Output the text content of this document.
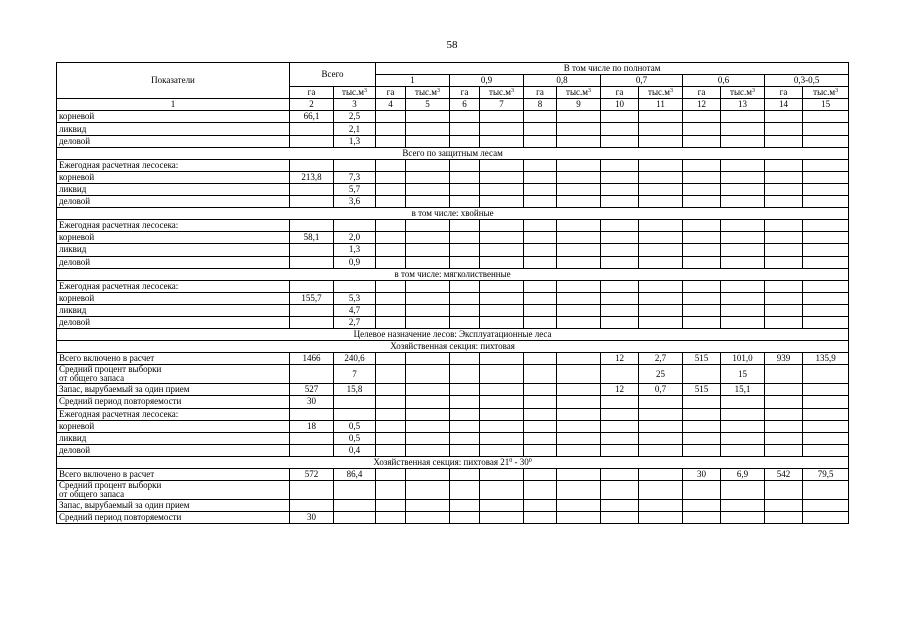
58
Показатели	Всего		В том числе по полнотам											
			1		0,9		0,8		0,7		0,6		0,3-0,5	
	га	$тыс.м^3$	га	$тыс.м^3$	га	$тыс.м^3$	га	$тыс.м^3$	га	$тыс.м^3$	га	$тыс.м^3$	га	$тыс.м^3$
1	2	3	4	5	6	7	8	9	10	11	12	13	14	15
корневой	66,1	2,5												
ликвид		2,1												
деловой		1,3												
Всего по защитным лесам														
Ежегодная расчетная лесосека:														
корневой	213,8	7,3												
ликвид		5,7												
деловой		3,6												
в том числе: хвойные														
Ежегодная расчетная лесосека:														
корневой	58,1	2,0												
ликвид		1,3												
деловой		0,9												
в том числе: мягколиственные														
Ежегодная расчетная лесосека:														
корневой	155,7	5,3												
ликвид		4,7												
деловой		2,7												
Целевое назначение лесов: Эксплуатационные леса														
Хозяйственная секция: пихтовая														
Всего включено в расчет	1466	240,6							12	2,7	515	101,0	939	135,9

Средний процент выборки
от общего запаса		7								25		15		
Запас, вырубаемый за один прием	527	15,8							12	0,7	515	15,1		
Средний период повторяемости	30													
Ежегодная расчетная лесосека:														
корневой	18	0,5												
ликвид		0,5												
деловой		0,4												
Хозяйственная секция: пихтовая $21^0 - 30^0$
Всего включено в расчет	572	86,4									30	6,9	542	79,5

Средний процент выборки
от общего запаса														

Запас, вырубаемый за один прием														
Средний период повторяемости	30													
